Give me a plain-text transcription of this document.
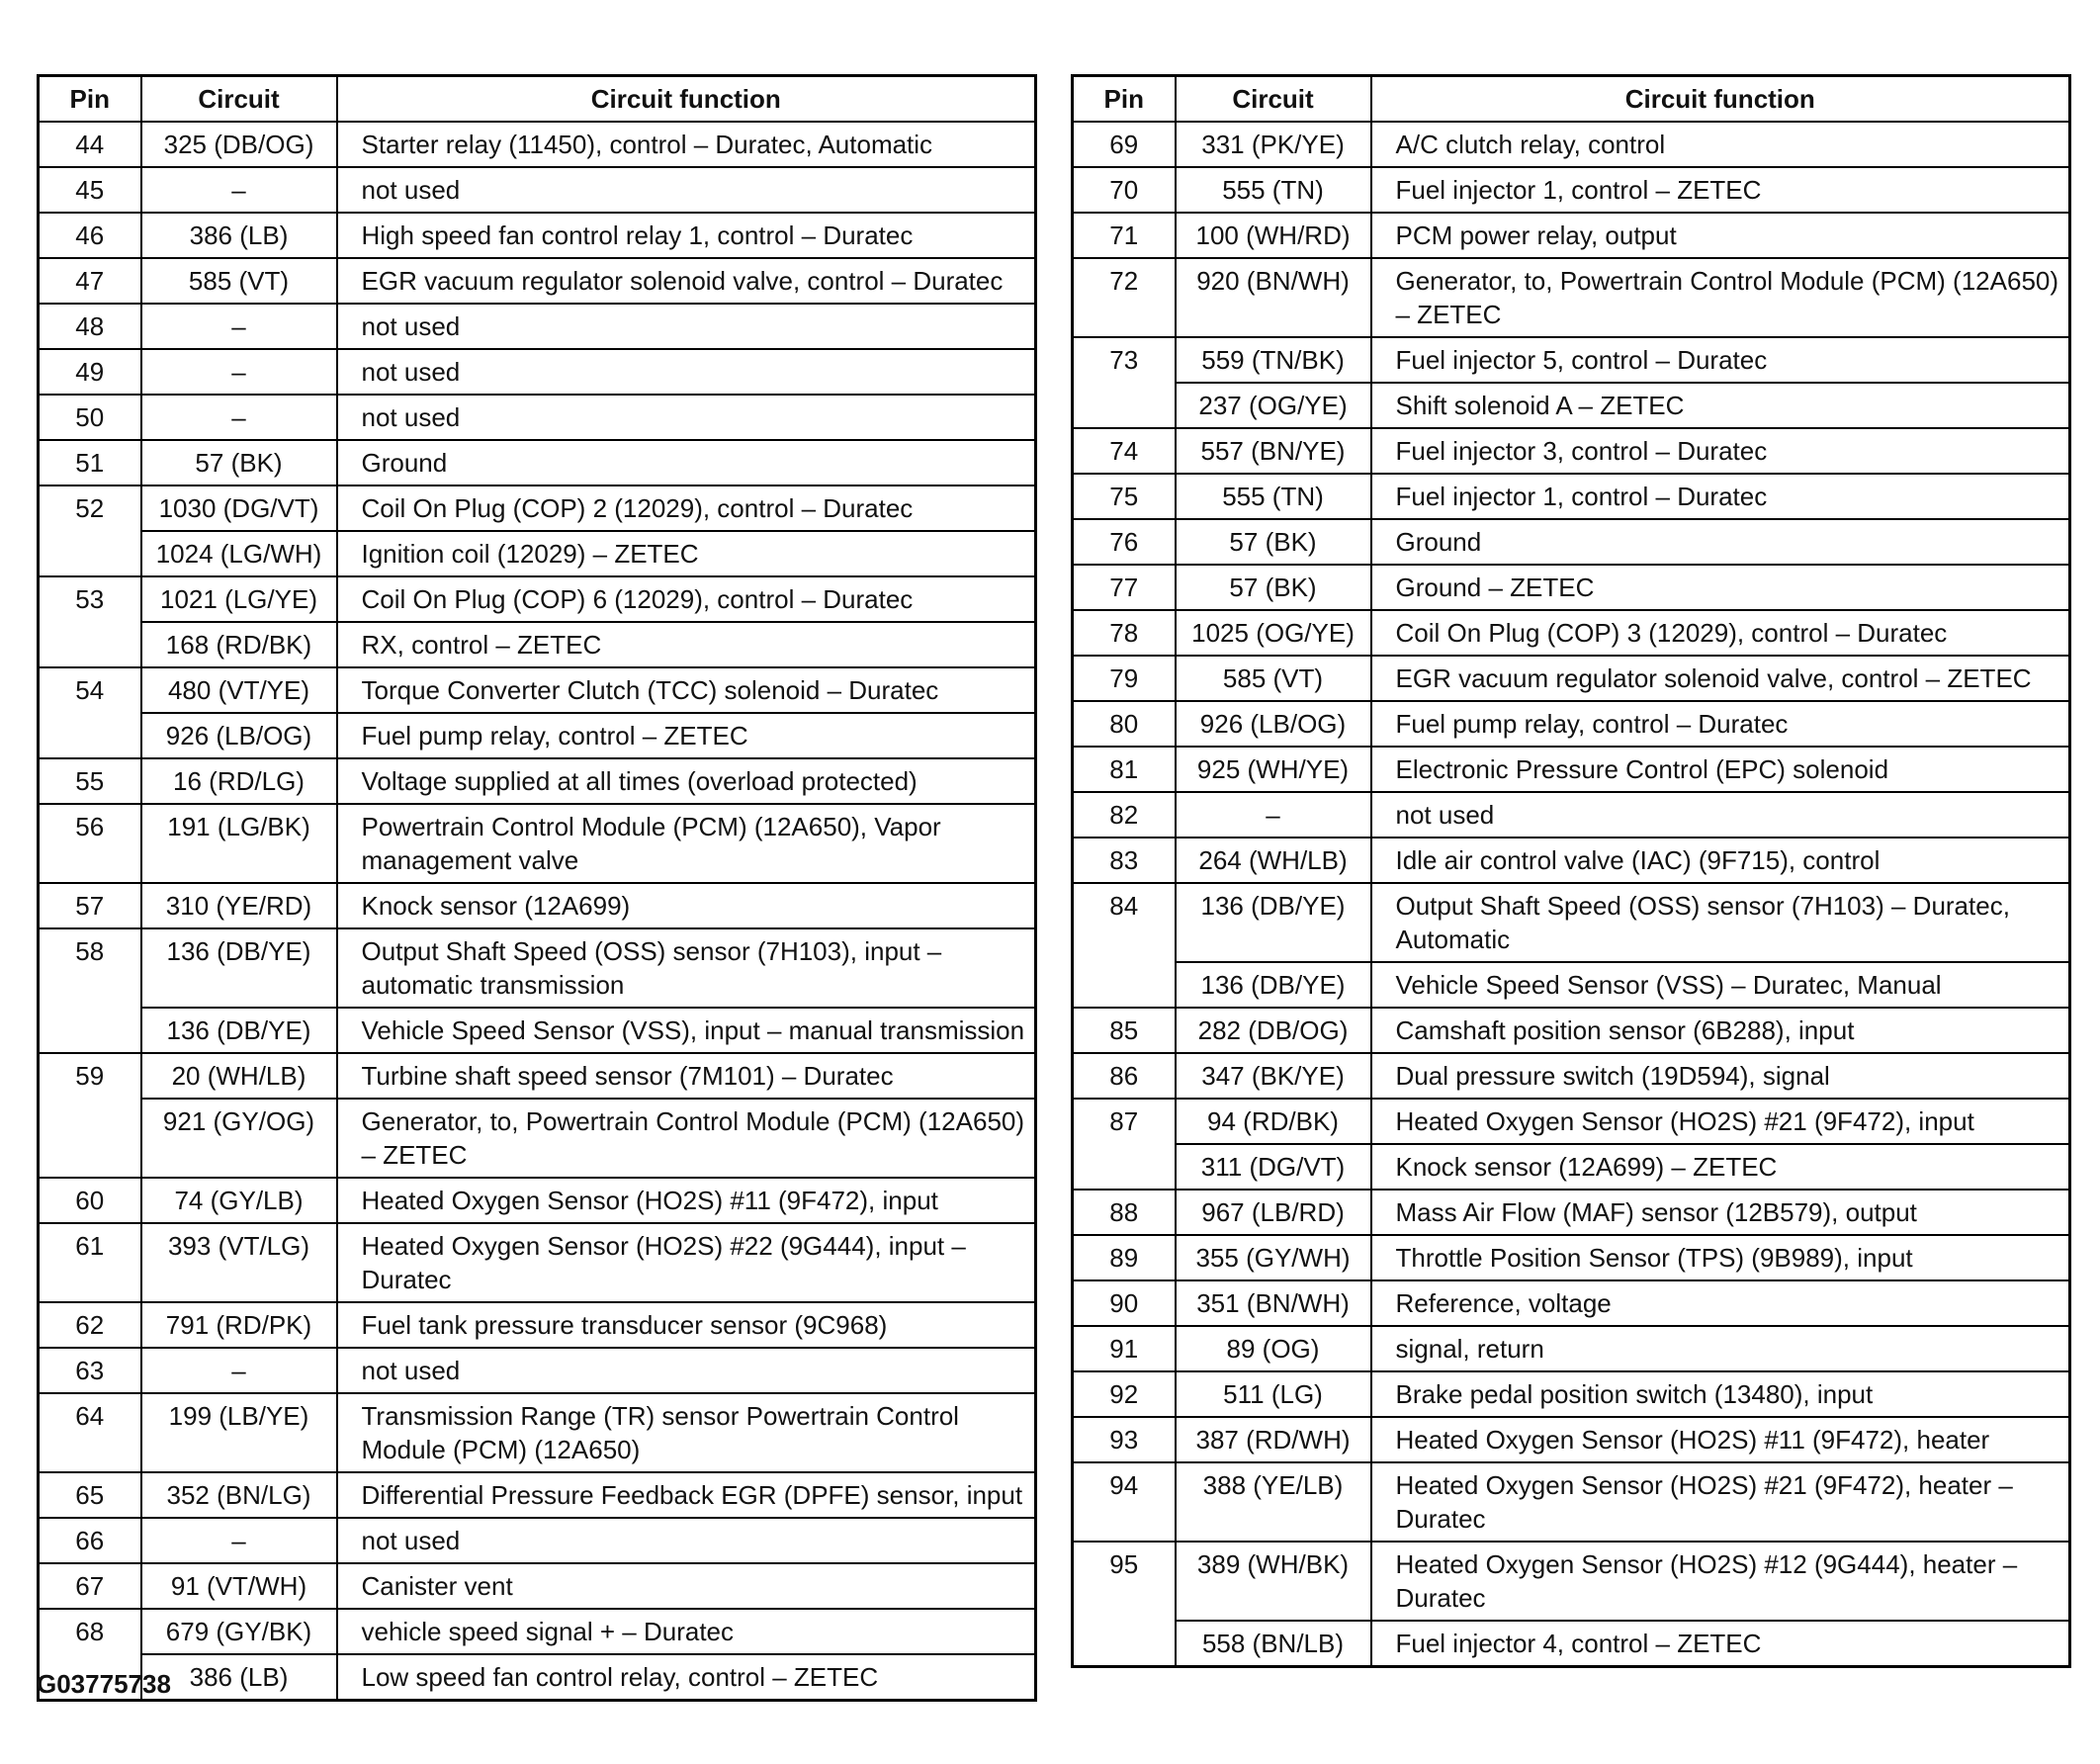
Pin	Circuit	Circuit function
44	325 (DB/OG)	Starter relay (11450), control – Duratec, Automatic
45	–	not used
46	386 (LB)	High speed fan control relay 1, control – Duratec
47	585 (VT)	EGR vacuum regulator solenoid valve, control – Duratec
48	–	not used
49	–	not used
50	–	not used
51	57 (BK)	Ground
52	1030 (DG/VT)	Coil On Plug (COP) 2 (12029), control – Duratec
	1024 (LG/WH)	Ignition coil (12029) – ZETEC
53	1021 (LG/YE)	Coil On Plug (COP) 6 (12029), control – Duratec
	168 (RD/BK)	RX, control – ZETEC
54	480 (VT/YE)	Torque Converter Clutch (TCC) solenoid – Duratec
	926 (LB/OG)	Fuel pump relay, control – ZETEC
55	16 (RD/LG)	Voltage supplied at all times (overload protected)
56	191 (LG/BK)	Powertrain Control Module (PCM) (12A650), Vapor management valve
57	310 (YE/RD)	Knock sensor (12A699)
58	136 (DB/YE)	Output Shaft Speed (OSS) sensor (7H103), input – automatic transmission
	136 (DB/YE)	Vehicle Speed Sensor (VSS), input – manual transmission
59	20 (WH/LB)	Turbine shaft speed sensor (7M101) – Duratec
	921 (GY/OG)	Generator, to, Powertrain Control Module (PCM) (12A650) – ZETEC
60	74 (GY/LB)	Heated Oxygen Sensor (HO2S) #11 (9F472), input
61	393 (VT/LG)	Heated Oxygen Sensor (HO2S) #22 (9G444), input – Duratec
62	791 (RD/PK)	Fuel tank pressure transducer sensor (9C968)
63	–	not used
64	199 (LB/YE)	Transmission Range (TR) sensor Powertrain Control Module (PCM) (12A650)
65	352 (BN/LG)	Differential Pressure Feedback EGR (DPFE) sensor, input
66	–	not used
67	91 (VT/WH)	Canister vent
68	679 (GY/BK)	vehicle speed signal + – Duratec
	386 (LB)	Low speed fan control relay, control – ZETEC
Pin	Circuit	Circuit function
69	331 (PK/YE)	A/C clutch relay, control
70	555 (TN)	Fuel injector 1, control – ZETEC
71	100 (WH/RD)	PCM power relay, output
72	920 (BN/WH)	Generator, to, Powertrain Control Module (PCM) (12A650) – ZETEC
73	559 (TN/BK)	Fuel injector 5, control – Duratec
	237 (OG/YE)	Shift solenoid A – ZETEC
74	557 (BN/YE)	Fuel injector 3, control – Duratec
75	555 (TN)	Fuel injector 1, control – Duratec
76	57 (BK)	Ground
77	57 (BK)	Ground – ZETEC
78	1025 (OG/YE)	Coil On Plug (COP) 3 (12029), control – Duratec
79	585 (VT)	EGR vacuum regulator solenoid valve, control – ZETEC
80	926 (LB/OG)	Fuel pump relay, control – Duratec
81	925 (WH/YE)	Electronic Pressure Control (EPC) solenoid
82	–	not used
83	264 (WH/LB)	Idle air control valve (IAC) (9F715), control
84	136 (DB/YE)	Output Shaft Speed (OSS) sensor (7H103) – Duratec, Automatic
	136 (DB/YE)	Vehicle Speed Sensor (VSS) – Duratec, Manual
85	282 (DB/OG)	Camshaft position sensor (6B288), input
86	347 (BK/YE)	Dual pressure switch (19D594), signal
87	94 (RD/BK)	Heated Oxygen Sensor (HO2S) #21 (9F472), input
	311 (DG/VT)	Knock sensor (12A699) – ZETEC
88	967 (LB/RD)	Mass Air Flow (MAF) sensor (12B579), output
89	355 (GY/WH)	Throttle Position Sensor (TPS) (9B989), input
90	351 (BN/WH)	Reference, voltage
91	89 (OG)	signal, return
92	511 (LG)	Brake pedal position switch (13480), input
93	387 (RD/WH)	Heated Oxygen Sensor (HO2S) #11 (9F472), heater
94	388 (YE/LB)	Heated Oxygen Sensor (HO2S) #21 (9F472), heater – Duratec
95	389 (WH/BK)	Heated Oxygen Sensor (HO2S) #12 (9G444), heater – Duratec
	558 (BN/LB)	Fuel injector 4, control – ZETEC
G03775738
